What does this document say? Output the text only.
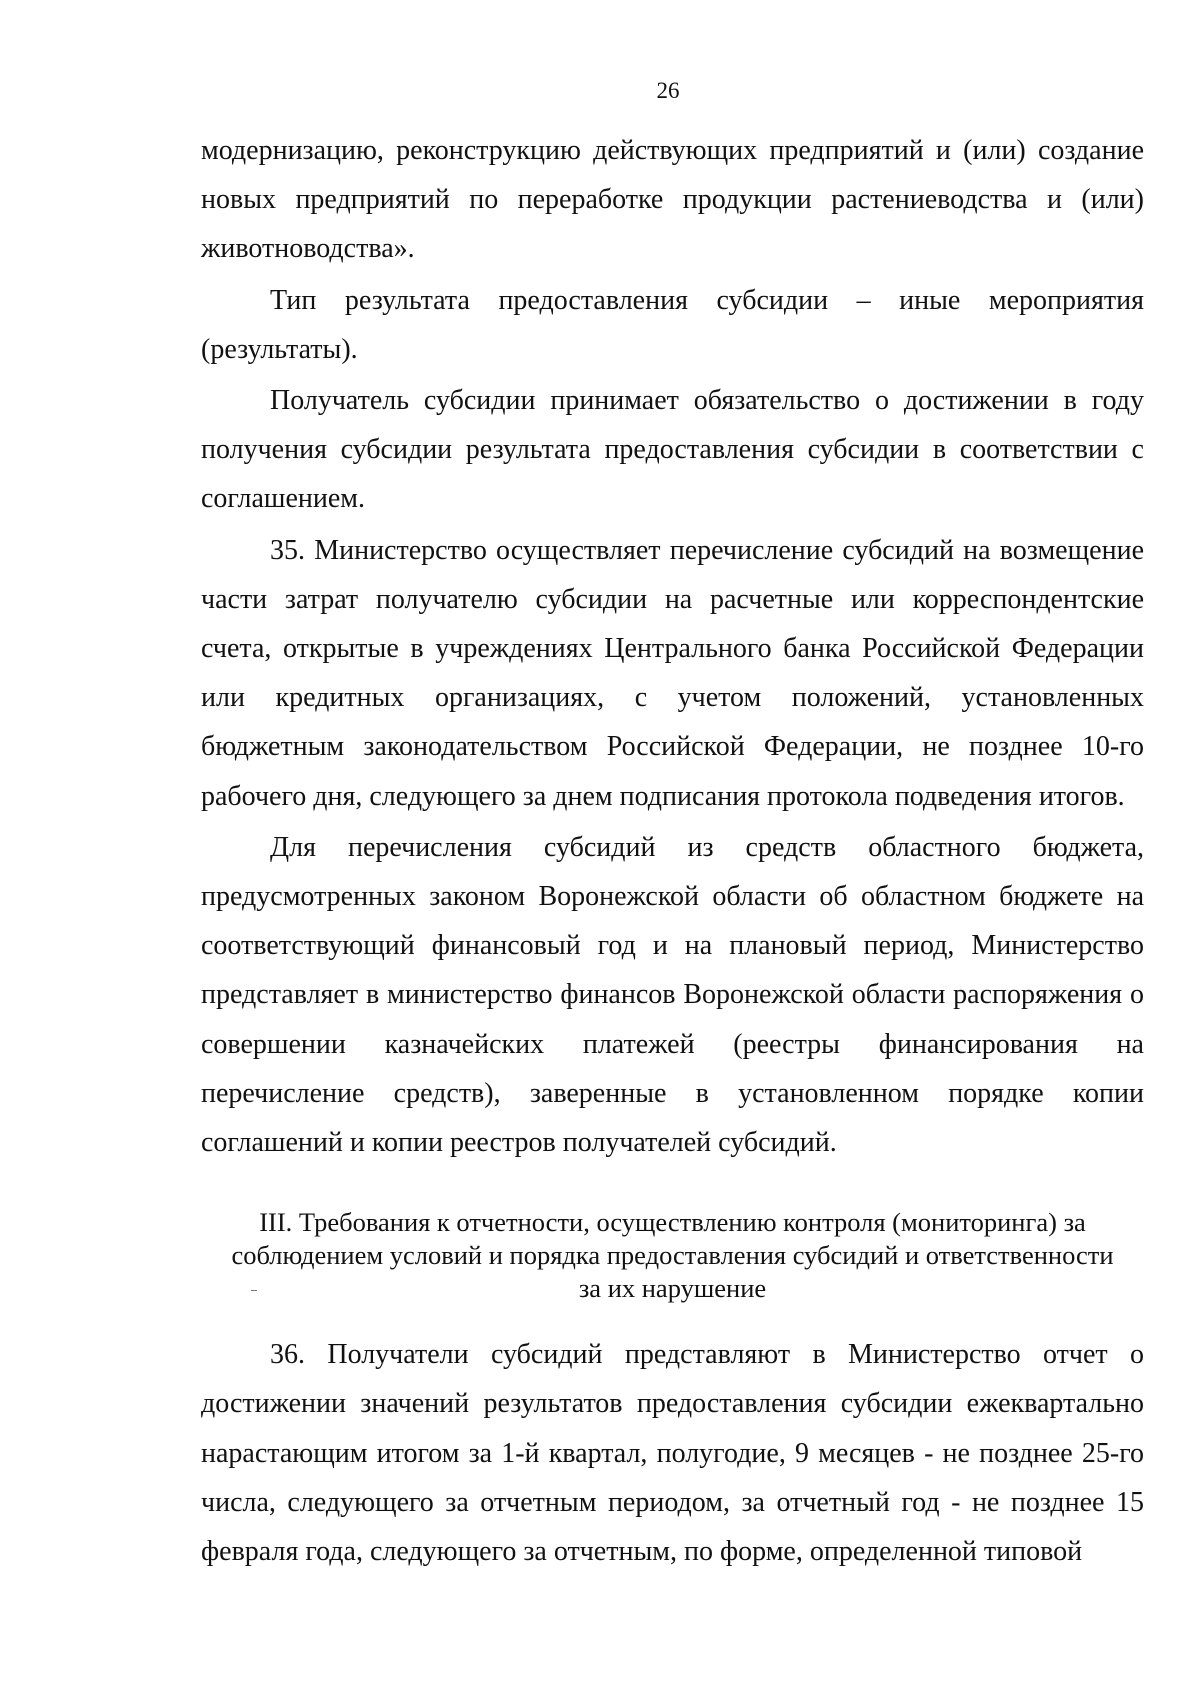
26

модернизацию, реконструкцию действующих предприятий и (или) создание новых предприятий по переработке продукции растениеводства и (или) животноводства».

Тип результата предоставления субсидии – иные мероприятия (результаты).

Получатель субсидии принимает обязательство о достижении в году получения субсидии результата предоставления субсидии в соответствии с соглашением.

35. Министерство осуществляет перечисление субсидий на возмещение части затрат получателю субсидии на расчетные или корреспондентские счета, открытые в учреждениях Центрального банка Российской Федерации или кредитных организациях, с учетом положений, установленных бюджетным законодательством Российской Федерации, не позднее 10-го рабочего дня, следующего за днем подписания протокола подведения итогов.

Для перечисления субсидий из средств областного бюджета, предусмотренных законом Воронежской области об областном бюджете на соответствующий финансовый год и на плановый период, Министерство представляет в министерство финансов Воронежской области распоряжения о совершении казначейских платежей (реестры финансирования на перечисление средств), заверенные в установленном порядке копии соглашений и копии реестров получателей субсидий.

III. Требования к отчетности, осуществлению контроля (мониторинга) за
соблюдением условий и порядка предоставления субсидий и ответственности
за их нарушение

36. Получатели субсидий представляют в Министерство отчет о достижении значений результатов предоставления субсидии ежеквартально нарастающим итогом за 1-й квартал, полугодие, 9 месяцев - не позднее 25-го числа, следующего за отчетным периодом, за отчетный год - не позднее 15 февраля года, следующего за отчетным, по форме, определенной типовой
